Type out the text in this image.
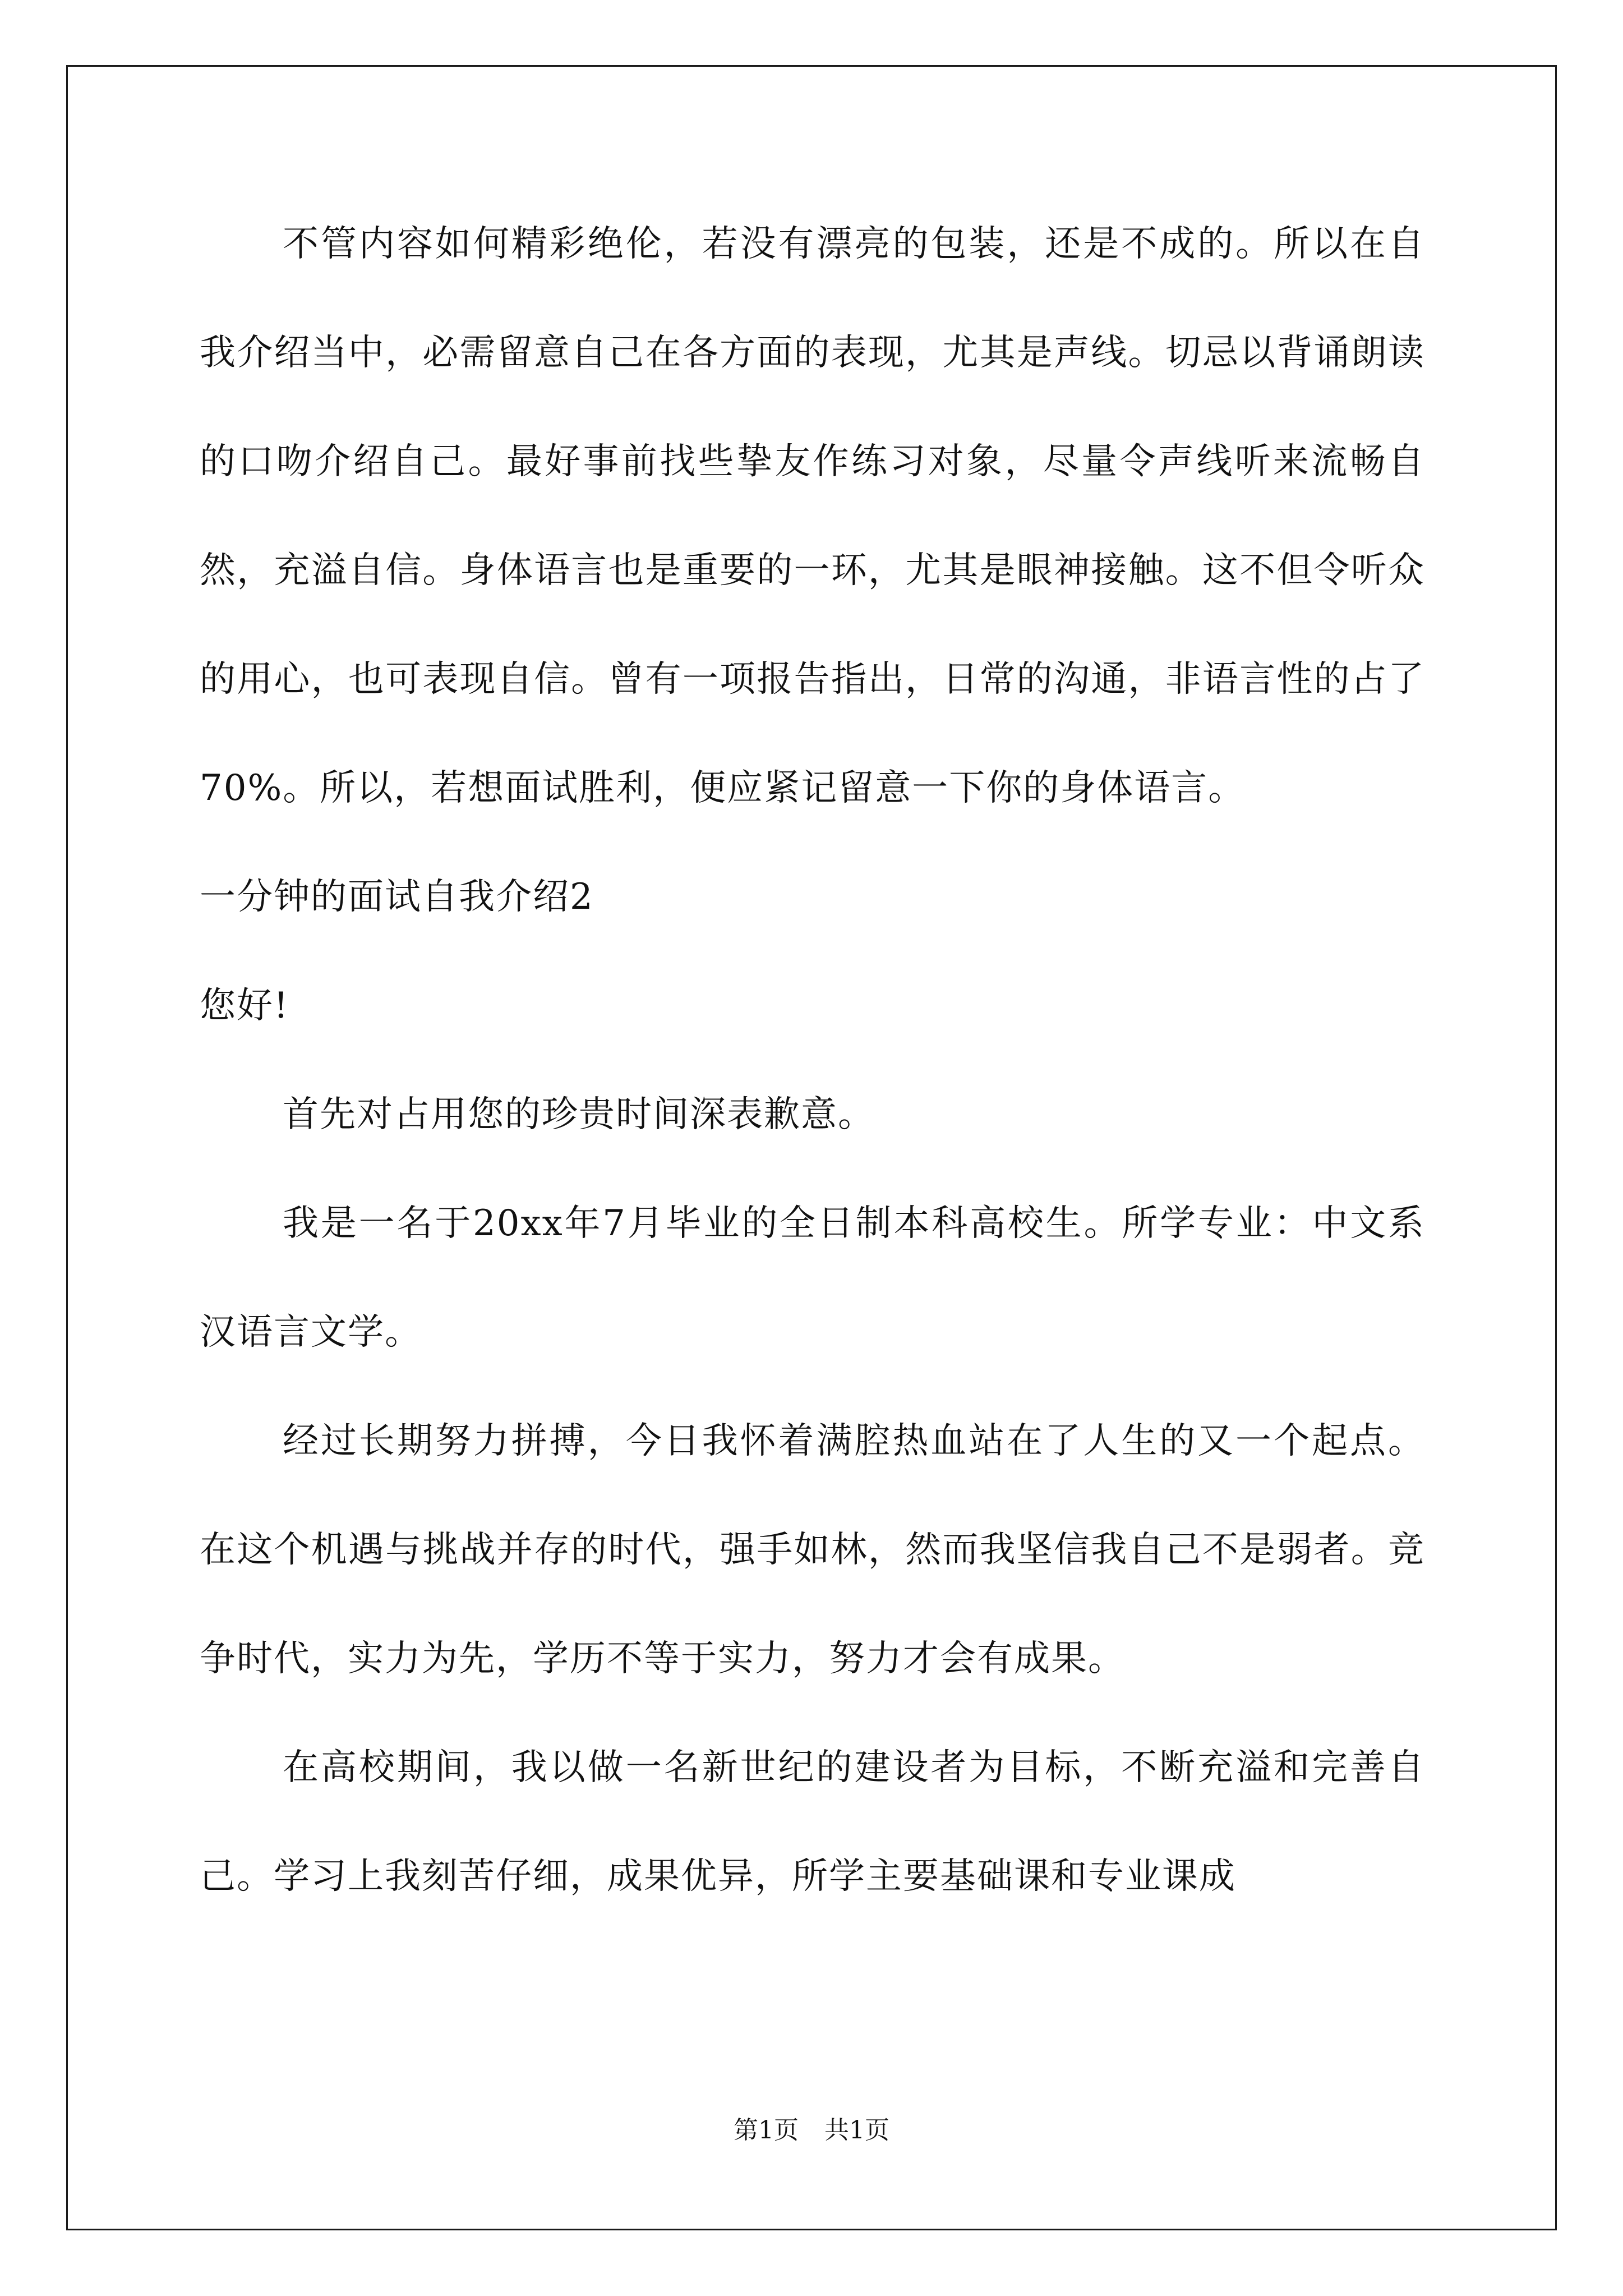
不管内容如何精彩绝伦，若没有漂亮的包装，还是不成的。所以在自我介绍当中，必需留意自己在各方面的表现，尤其是声线。切忌以背诵朗读的口吻介绍自己。最好事前找些挚友作练习对象，尽量令声线听来流畅自然，充溢自信。身体语言也是重要的一环，尤其是眼神接触。这不但令听众的用心，也可表现自信。曾有一项报告指出，日常的沟通，非语言性的占了70%。所以，若想面试胜利，便应紧记留意一下你的身体语言。

一分钟的面试自我介绍2

您好!

首先对占用您的珍贵时间深表歉意。

我是一名于20xx年7月毕业的全日制本科高校生。所学专业：中文系汉语言文学。

经过长期努力拼搏，今日我怀着满腔热血站在了人生的又一个起点。在这个机遇与挑战并存的时代，强手如林，然而我坚信我自己不是弱者。竞争时代，实力为先，学历不等于实力，努力才会有成果。

在高校期间，我以做一名新世纪的建设者为目标，不断充溢和完善自己。学习上我刻苦仔细，成果优异，所学主要基础课和专业课成

第1页 共1页
